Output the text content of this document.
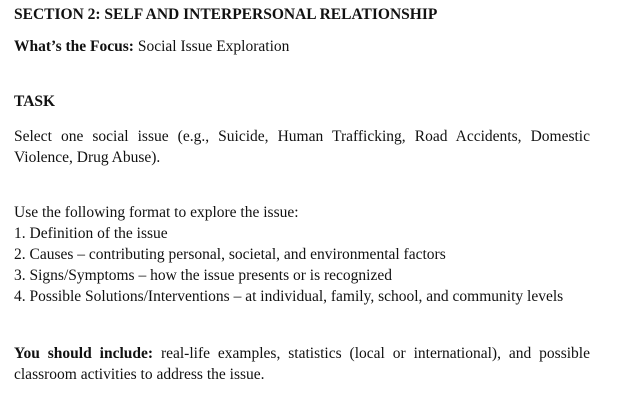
SECTION 2: SELF AND INTERPERSONAL RELATIONSHIP
What’s the Focus: Social Issue Exploration
TASK
Select one social issue (e.g., Suicide, Human Trafficking, Road Accidents, Domestic Violence, Drug Abuse).
Use the following format to explore the issue:
1. Definition of the issue
2. Causes – contributing personal, societal, and environmental factors
3. Signs/Symptoms – how the issue presents or is recognized
4. Possible Solutions/Interventions – at individual, family, school, and community levels
You should include: real-life examples, statistics (local or international), and possible classroom activities to address the issue.
